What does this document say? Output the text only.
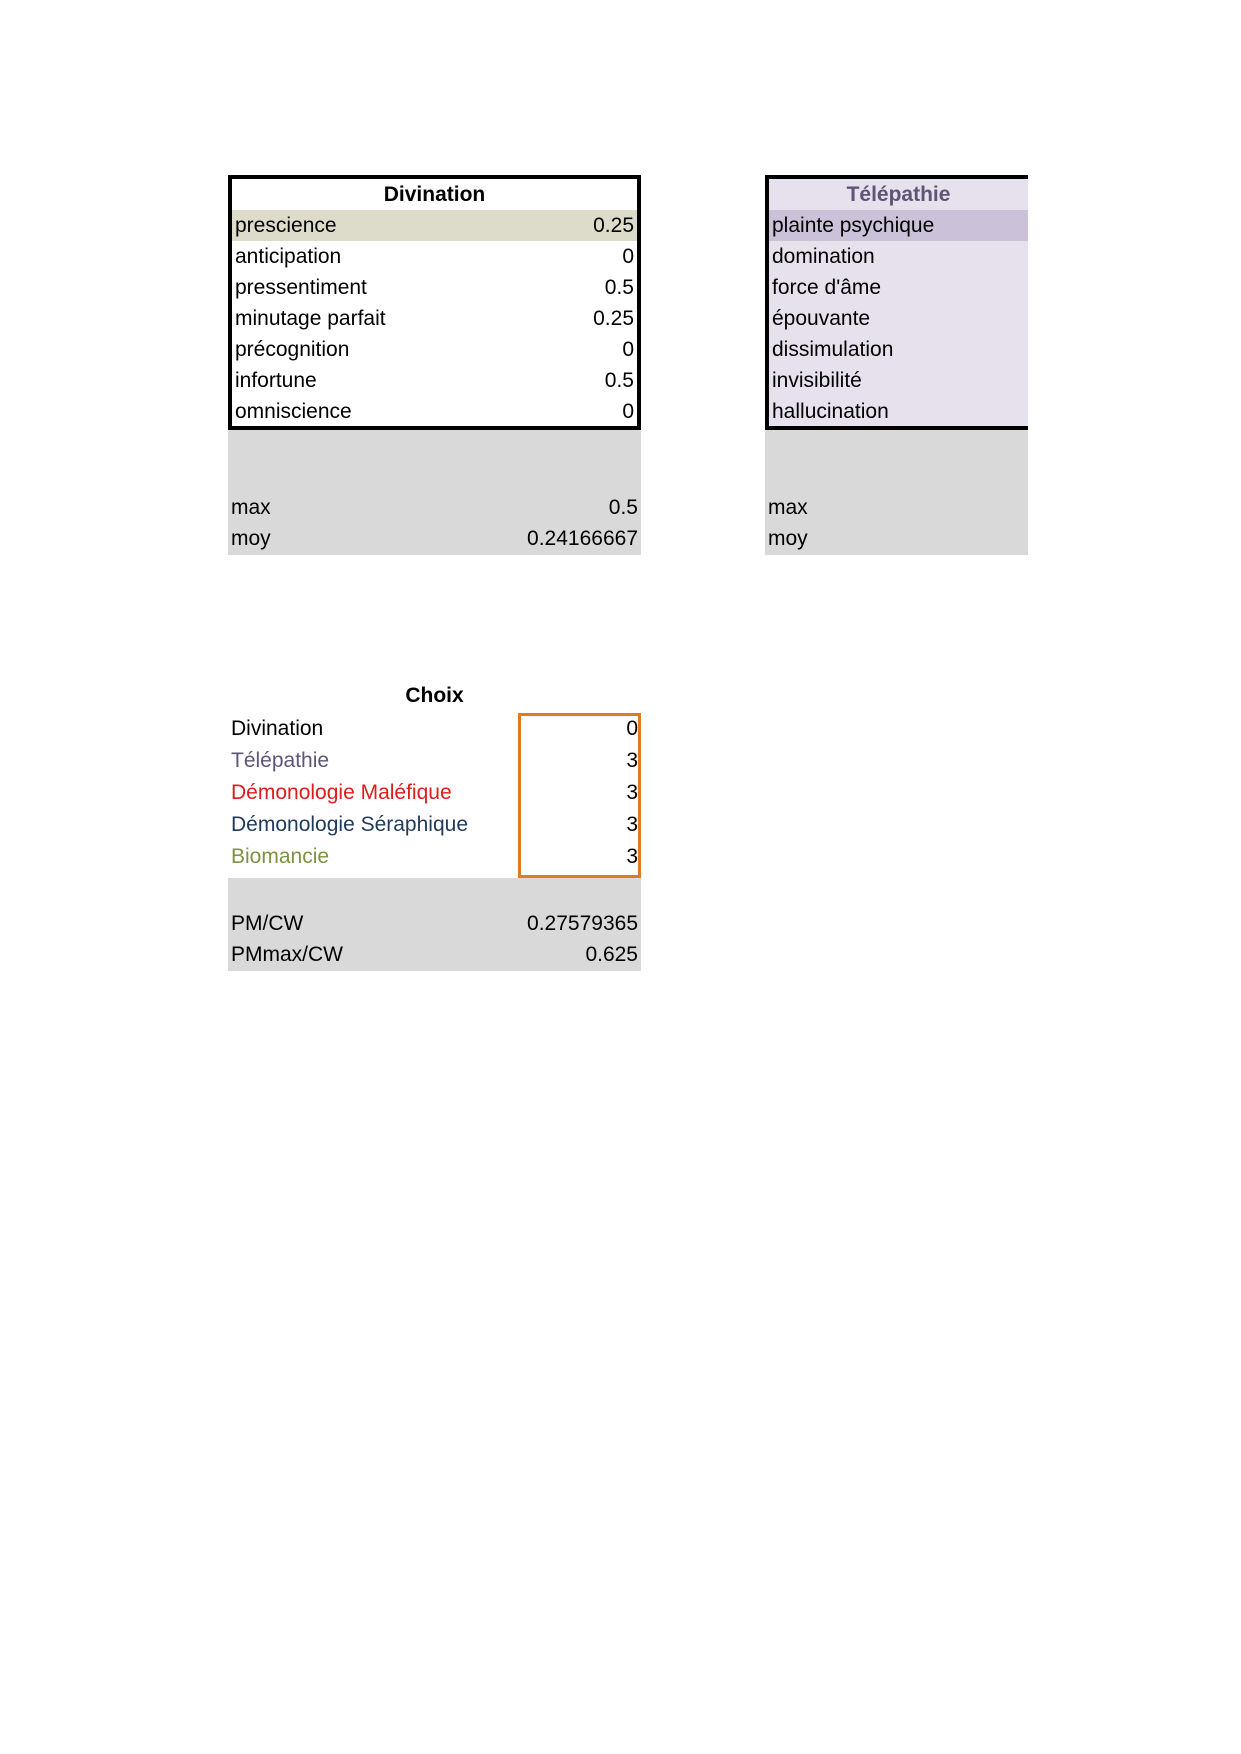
Divination
prescience	0.25
anticipation	0
pressentiment	0.5
minutage parfait	0.25
précognition	0
infortune	0.5
omniscience	0
max	0.5
moy	0.24166667
Télépathie
plainte psychique
domination
force d'âme
épouvante
dissimulation
invisibilité
hallucination
max
moy
Choix
Divination	0
Télépathie	3
Démonologie Maléfique	3
Démonologie Séraphique	3
Biomancie	3
PM/CW	0.27579365
PMmax/CW	0.625
